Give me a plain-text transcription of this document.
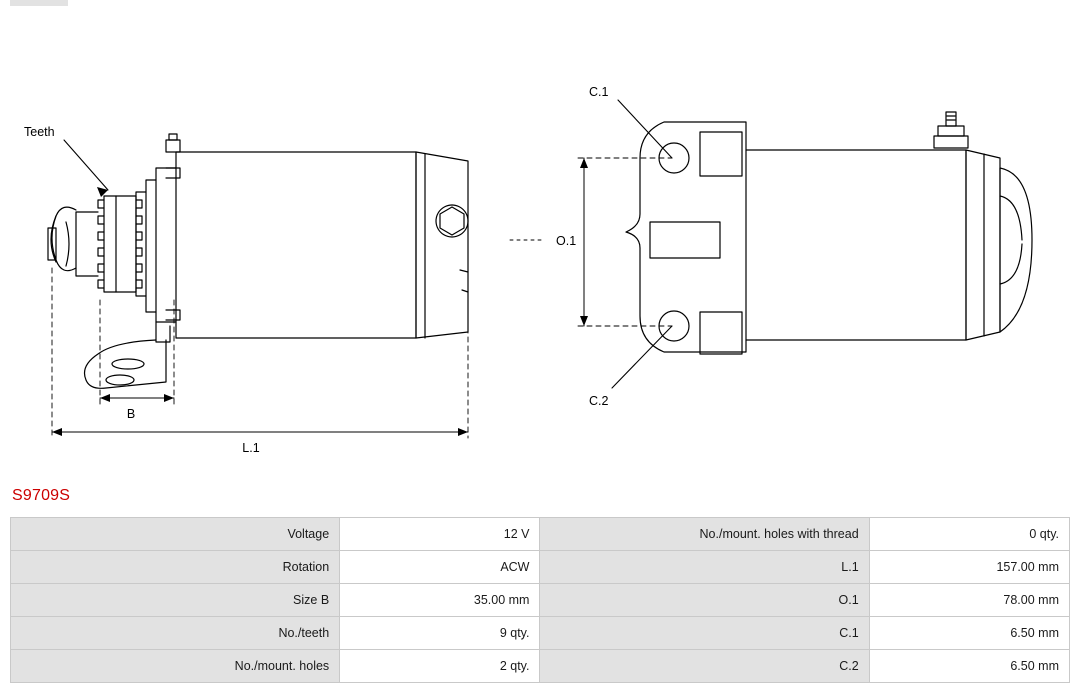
Teeth
B
L.1
O.1
C.1
C.2
S9709S
Voltage	12 V	No./mount. holes with thread	0 qty.
Rotation	ACW	L.1	157.00 mm
Size B	35.00 mm	O.1	78.00 mm
No./teeth	9 qty.	C.1	6.50 mm
No./mount. holes	2 qty.	C.2	6.50 mm
